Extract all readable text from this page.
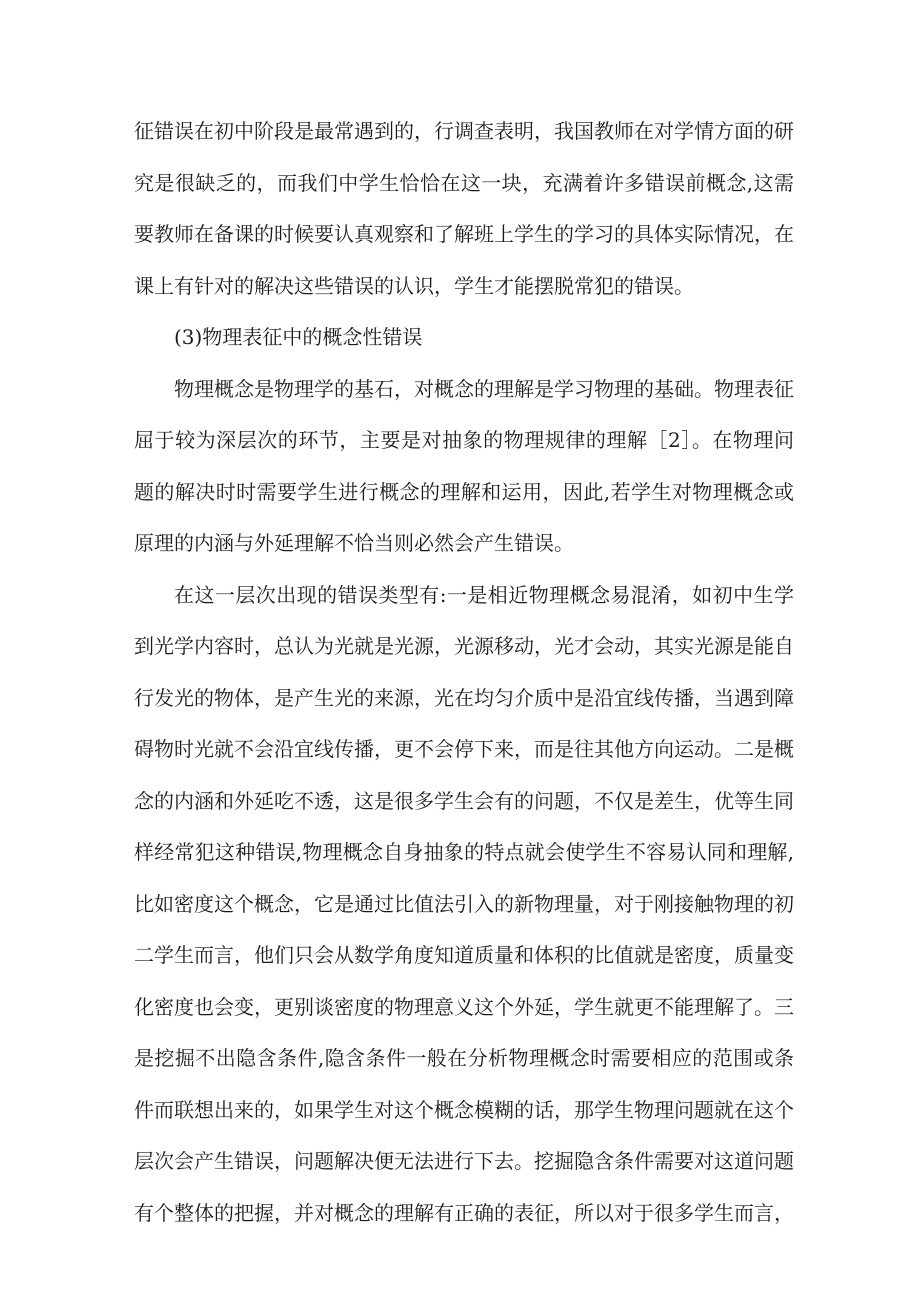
征错误在初中阶段是最常遇到的，行调查表明，我国教师在对学情方面的研
究是很缺乏的，而我们中学生恰恰在这一块，充满着许多错误前概念,这需
要教师在备课的时候要认真观察和了解班上学生的学习的具体实际情况，在
课上有针对的解决这些错误的认识，学生才能摆脱常犯的错误。
(3)物理表征中的概念性错误
物理概念是物理学的基石，对概念的理解是学习物理的基础。物理表征
屈于较为深层次的环节，主要是对抽象的物理规律的理解［2］。在物理问
题的解决时时需要学生进行概念的理解和运用，因此,若学生对物理概念或
原理的内涵与外延理解不恰当则必然会产生错误。
在这一层次出现的错误类型有:一是相近物理概念易混淆，如初中生学
到光学内容时，总认为光就是光源，光源移动，光才会动，其实光源是能自
行发光的物体，是产生光的来源，光在均匀介质中是沿宜线传播，当遇到障
碍物时光就不会沿宜线传播，更不会停下来，而是往其他方向运动。二是概
念的内涵和外延吃不透，这是很多学生会有的问题，不仅是差生，优等生同
样经常犯这种错误,物理概念自身抽象的特点就会使学生不容易认同和理解,
比如密度这个概念，它是通过比值法引入的新物理量，对于刚接触物理的初
二学生而言，他们只会从数学角度知道质量和体积的比值就是密度，质量变
化密度也会变，更别谈密度的物理意义这个外延，学生就更不能理解了。三
是挖掘不出隐含条件,隐含条件一般在分析物理概念时需要相应的范围或条
件而联想出来的，如果学生对这个概念模糊的话，那学生物理问题就在这个
层次会产生错误，问题解决便无法进行下去。挖掘隐含条件需要对这道问题
有个整体的把握，并对概念的理解有正确的表征，所以对于很多学生而言，
